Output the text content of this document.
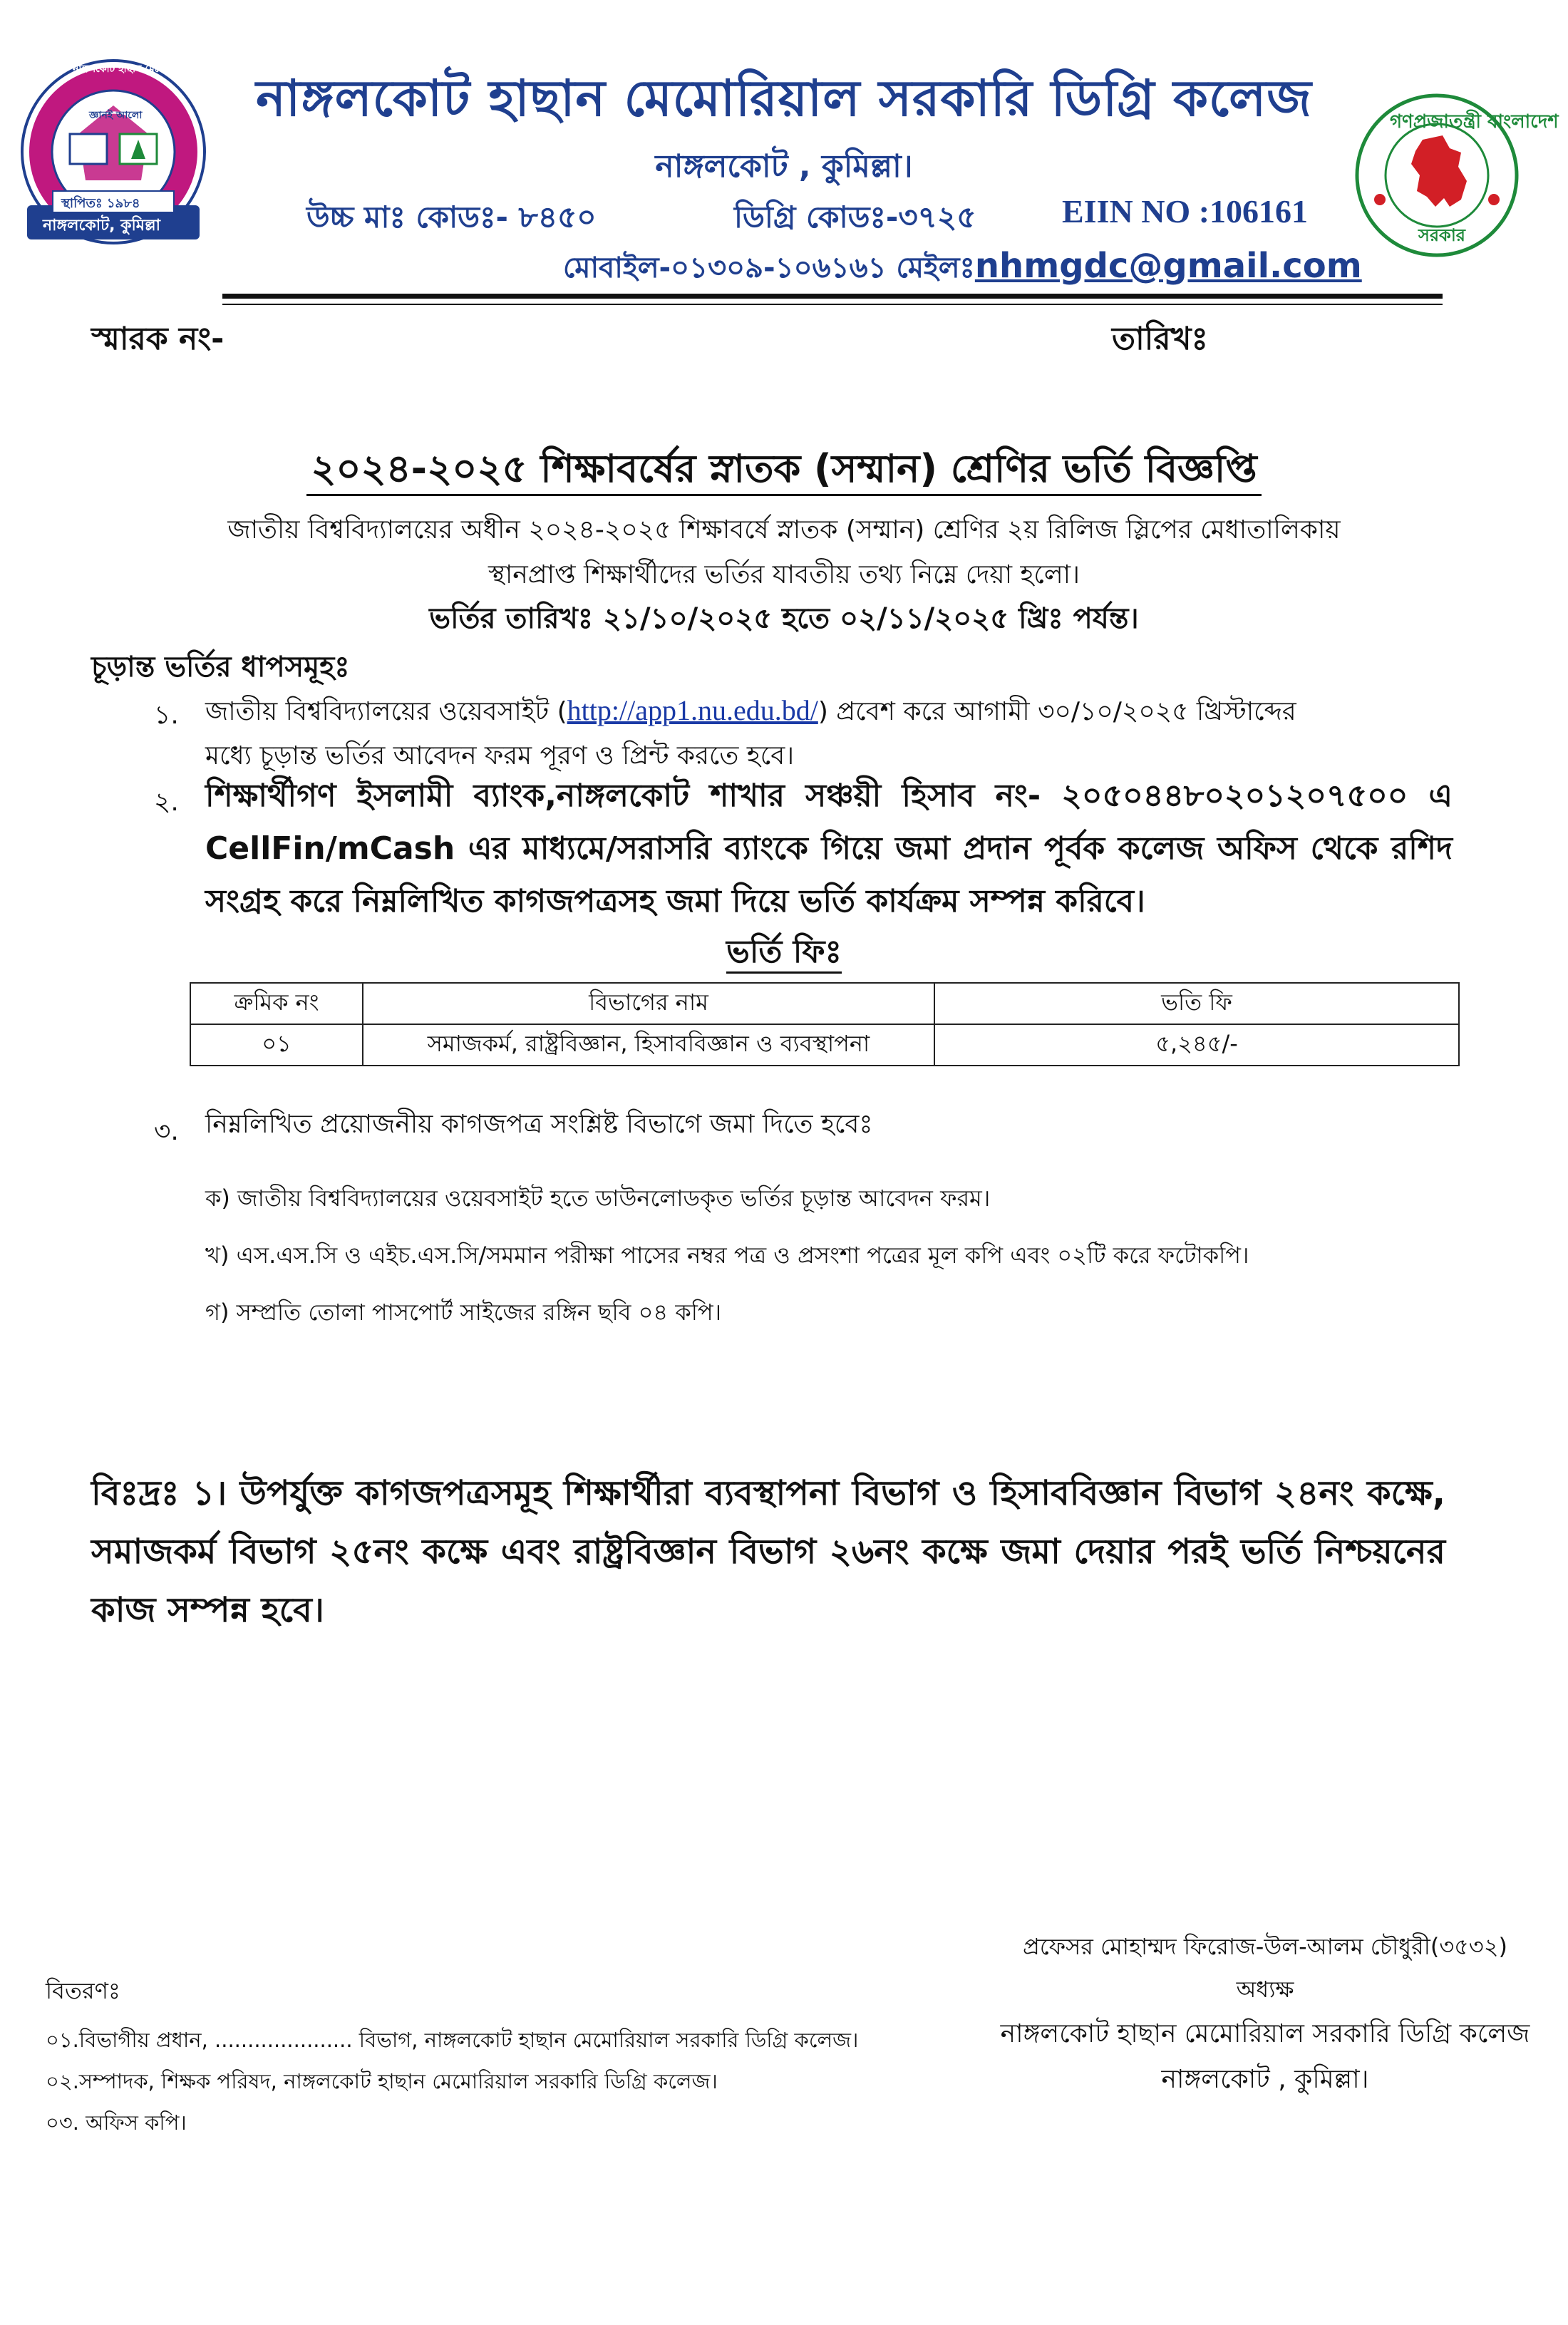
নাঙ্গলকোট হাছান মেমোরিয়াল সরকারি ডিগ্রি কলেজ
জ্ঞানই আলো
স্থাপিতঃ ১৯৮৪
নাঙ্গলকোট, কুমিল্লা
গণপ্রজাতন্ত্রী বাংলাদেশ
সরকার
নাঙ্গলকোট হাছান মেমোরিয়াল সরকারি ডিগ্রি কলেজ
নাঙ্গলকোট , কুমিল্লা।
উচ্চ মাঃ কোডঃ- ৮৪৫০	ডিগ্রি কোডঃ-৩৭২৫	EIIN NO :106161
মোবাইল-০১৩০৯-১০৬১৬১ মেইলঃnhmgdc@gmail.com
স্মারক নং-	তারিখঃ
২০২৪-২০২৫ শিক্ষাবর্ষের স্নাতক (সম্মান) শ্রেণির ভর্তি বিজ্ঞপ্তি
জাতীয় বিশ্ববিদ্যালয়ের অধীন ২০২৪-২০২৫ শিক্ষাবর্ষে স্নাতক (সম্মান) শ্রেণির ২য় রিলিজ স্লিপের মেধাতালিকায়
স্থানপ্রাপ্ত শিক্ষার্থীদের ভর্তির যাবতীয় তথ্য নিম্নে দেয়া হলো।
ভর্তির তারিখঃ ২১/১০/২০২৫ হতে ০২/১১/২০২৫ খ্রিঃ পর্যন্ত।
চূড়ান্ত ভর্তির ধাপসমূহঃ
১. জাতীয় বিশ্ববিদ্যালয়ের ওয়েবসাইট (http://app1.nu.edu.bd/) প্রবেশ করে আগামী ৩০/১০/২০২৫ খ্রিস্টাব্দের
মধ্যে চূড়ান্ত ভর্তির আবেদন ফরম পূরণ ও প্রিন্ট করতে হবে।
২. শিক্ষার্থীগণ ইসলামী ব্যাংক,নাঙ্গলকোট শাখার সঞ্চয়ী হিসাব নং- ২০৫০৪৪৮০২০১২০৭৫০০ এ CellFin/mCash এর মাধ্যমে/সরাসরি ব্যাংকে গিয়ে জমা প্রদান পূর্বক কলেজ অফিস থেকে রশিদ সংগ্রহ করে নিম্নলিখিত কাগজপত্রসহ জমা দিয়ে ভর্তি কার্যক্রম সম্পন্ন করিবে।
ভর্তি ফিঃ
ক্রমিক নং	বিভাগের নাম	ভতি ফি
০১	সমাজকর্ম, রাষ্ট্রবিজ্ঞান, হিসাববিজ্ঞান ও ব্যবস্থাপনা	৫,২৪৫/-
৩. নিম্নলিখিত প্রয়োজনীয় কাগজপত্র সংশ্লিষ্ট বিভাগে জমা দিতে হবেঃ
ক) জাতীয় বিশ্ববিদ্যালয়ের ওয়েবসাইট হতে ডাউনলোডকৃত ভর্তির চূড়ান্ত আবেদন ফরম।
খ) এস.এস.সি ও এইচ.এস.সি/সমমান পরীক্ষা পাসের নম্বর পত্র ও প্রসংশা পত্রের মূল কপি এবং ০২টি করে ফটোকপি।
গ) সম্প্রতি তোলা পাসপোর্ট সাইজের রঙ্গিন ছবি ০৪ কপি।
বিঃদ্রঃ ১। উপর্যুক্ত কাগজপত্রসমূহ শিক্ষার্থীরা ব্যবস্থাপনা বিভাগ ও হিসাববিজ্ঞান বিভাগ ২৪নং কক্ষে, সমাজকর্ম বিভাগ ২৫নং কক্ষে এবং রাষ্ট্রবিজ্ঞান বিভাগ ২৬নং কক্ষে জমা দেয়ার পরই ভর্তি নিশ্চয়নের কাজ সম্পন্ন হবে।
প্রফেসর মোহাম্মদ ফিরোজ-উল-আলম চৌধুরী(৩৫৩২)
অধ্যক্ষ
নাঙ্গলকোট হাছান মেমোরিয়াল সরকারি ডিগ্রি কলেজ
নাঙ্গলকোট , কুমিল্লা।
বিতরণঃ
০১.বিভাগীয় প্রধান, ..................... বিভাগ, নাঙ্গলকোট হাছান মেমোরিয়াল সরকারি ডিগ্রি কলেজ।
০২.সম্পাদক, শিক্ষক পরিষদ, নাঙ্গলকোট হাছান মেমোরিয়াল সরকারি ডিগ্রি কলেজ।
০৩. অফিস কপি।
